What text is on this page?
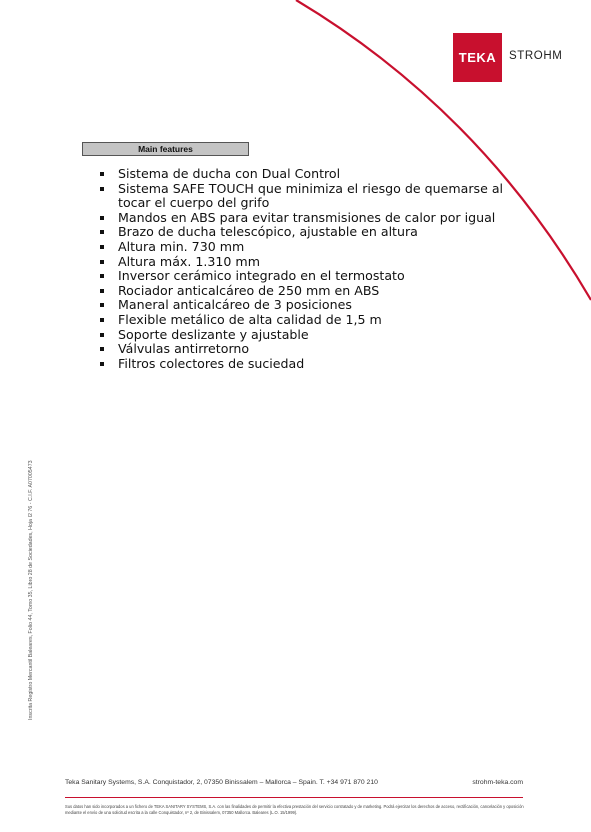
TEKA STROHM
Main features
Sistema de ducha con Dual Control
Sistema SAFE TOUCH que minimiza el riesgo de quemarse al tocar el cuerpo del grifo
Mandos en ABS para evitar transmisiones de calor por igual
Brazo de ducha telescópico, ajustable en altura
Altura min. 730 mm
Altura máx. 1.310 mm
Inversor cerámico integrado en el termostato
Rociador anticalcáreo de 250 mm en ABS
Maneral anticalcáreo de 3 posiciones
Flexible metálico de alta calidad de 1,5 m
Soporte deslizante y ajustable
Válvulas antirretorno
Filtros colectores de suciedad
Inscrita Registro Mercantil Baleares, Folio 44, Tomo 35, Libro 28 de Sociedades, Hoja I2 76 - C.I.F. A07005473
Teka Sanitary Systems, S.A. Conquistador, 2, 07350 Binissalem – Mallorca – Spain. T. +34 971 870 210	strohm-teka.com
Sus datos han sido incorporados a un fichero de TEKA SANITARY SYSTEMS, S.A. con las finalidades de permitir la efectiva prestación del servicio contratado y de marketing. Podrá ejercitar los derechos de acceso, rectificación, cancelación y oposición mediante el envío de una solicitud escrita a la calle Conquistador, nº 2, de Binissalem, 07350 Mallorca. Baleares (L.O. 15/1999).
